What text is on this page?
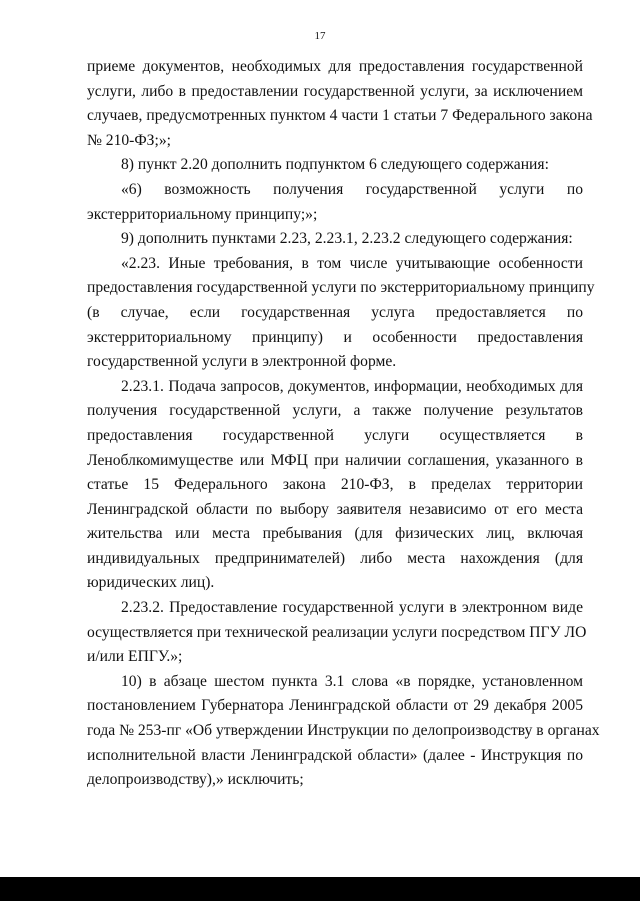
17

приеме документов, необходимых для предоставления государственной
услуги, либо в предоставлении государственной услуги, за исключением
случаев, предусмотренных пунктом 4 части 1 статьи 7 Федерального закона
№ 210-ФЗ;»;

8) пункт 2.20 дополнить подпунктом 6 следующего содержания:

«6) возможность получения государственной услуги по
экстерриториальному принципу;»;

9) дополнить пунктами 2.23, 2.23.1, 2.23.2 следующего содержания:

«2.23. Иные требования, в том числе учитывающие особенности
предоставления государственной услуги по экстерриториальному принципу
(в случае, если государственная услуга предоставляется по
экстерриториальному принципу) и особенности предоставления
государственной услуги в электронной форме.

2.23.1. Подача запросов, документов, информации, необходимых для
получения государственной услуги, а также получение результатов
предоставления государственной услуги осуществляется в
Леноблкомимуществе или МФЦ при наличии соглашения, указанного в
статье 15 Федерального закона 210-ФЗ, в пределах территории
Ленинградской области по выбору заявителя независимо от его места
жительства или места пребывания (для физических лиц, включая
индивидуальных предпринимателей) либо места нахождения (для
юридических лиц).

2.23.2. Предоставление государственной услуги в электронном виде
осуществляется при технической реализации услуги посредством ПГУ ЛО
и/или ЕПГУ.»;

10) в абзаце шестом пункта 3.1 слова «в порядке, установленном
постановлением Губернатора Ленинградской области от 29 декабря 2005
года № 253-пг «Об утверждении Инструкции по делопроизводству в органах
исполнительной власти Ленинградской области» (далее - Инструкция по
делопроизводству),» исключить;
